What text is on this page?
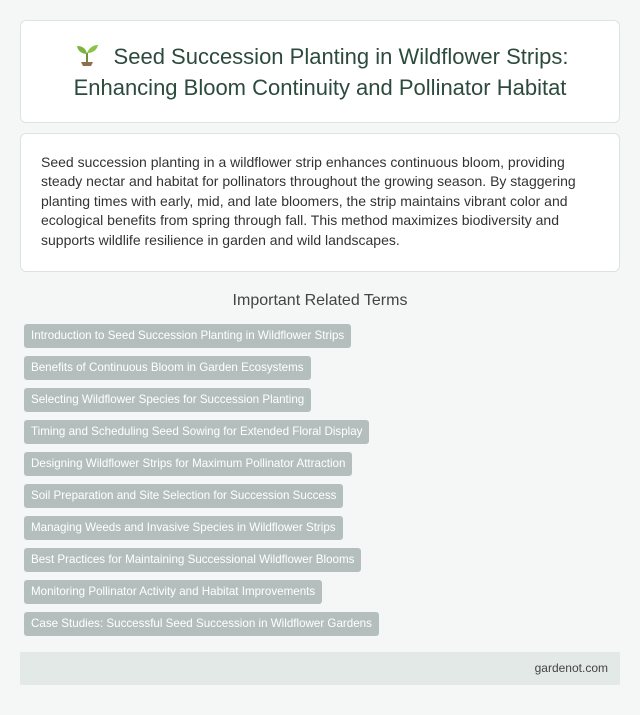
Seed Succession Planting in Wildflower Strips: Enhancing Bloom Continuity and Pollinator Habitat

Seed succession planting in a wildflower strip enhances continuous bloom, providing steady nectar and habitat for pollinators throughout the growing season. By staggering planting times with early, mid, and late bloomers, the strip maintains vibrant color and ecological benefits from spring through fall. This method maximizes biodiversity and supports wildlife resilience in garden and wild landscapes.

Important Related Terms
Introduction to Seed Succession Planting in Wildflower Strips
Benefits of Continuous Bloom in Garden Ecosystems
Selecting Wildflower Species for Succession Planting
Timing and Scheduling Seed Sowing for Extended Floral Display
Designing Wildflower Strips for Maximum Pollinator Attraction
Soil Preparation and Site Selection for Succession Success
Managing Weeds and Invasive Species in Wildflower Strips
Best Practices for Maintaining Successional Wildflower Blooms
Monitoring Pollinator Activity and Habitat Improvements
Case Studies: Successful Seed Succession in Wildflower Gardens
gardenot.com
